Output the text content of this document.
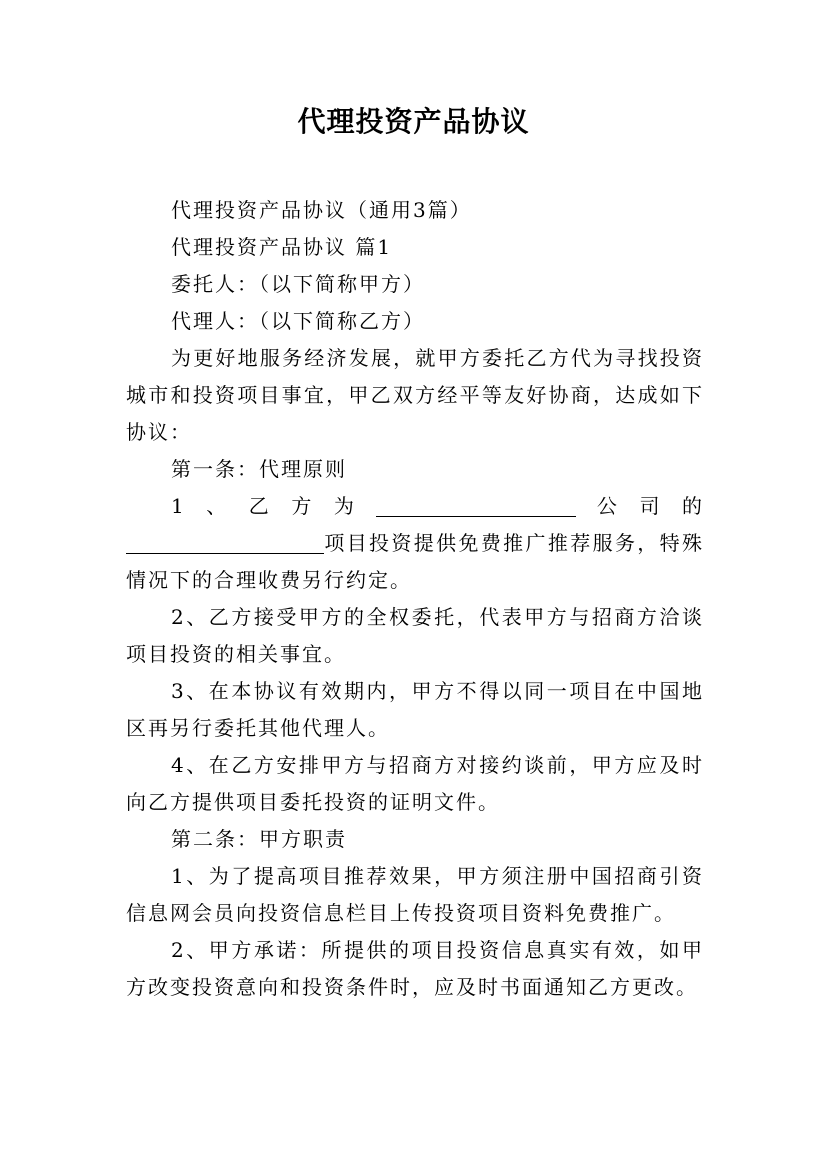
代理投资产品协议

代理投资产品协议（通用3篇）

代理投资产品协议 篇1

委托人：（以下简称甲方）

代理人：（以下简称乙方）

为更好地服务经济发展，就甲方委托乙方代为寻找投资城市和投资项目事宜，甲乙双方经平等友好协商，达成如下协议：

第一条：代理原则

1、乙方为	公司的

项目投资提供免费推广推荐服务，特殊情况下的合理收费另行约定。

2、乙方接受甲方的全权委托，代表甲方与招商方洽谈项目投资的相关事宜。

3、在本协议有效期内，甲方不得以同一项目在中国地区再另行委托其他代理人。

4、在乙方安排甲方与招商方对接约谈前，甲方应及时向乙方提供项目委托投资的证明文件。

第二条：甲方职责

1、为了提高项目推荐效果，甲方须注册中国招商引资信息网会员向投资信息栏目上传投资项目资料免费推广。

2、甲方承诺：所提供的项目投资信息真实有效，如甲方改变投资意向和投资条件时，应及时书面通知乙方更改。
